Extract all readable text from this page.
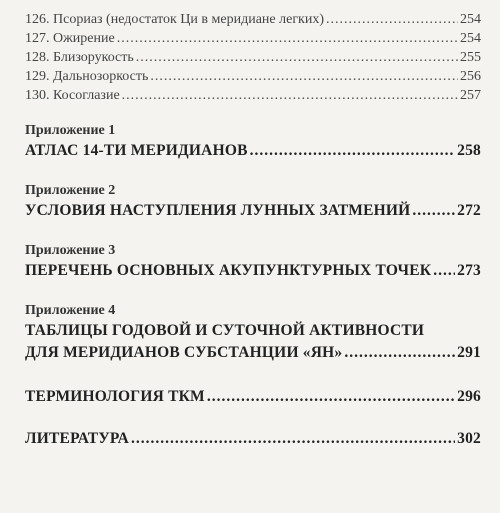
126. Псориаз (недостаток Ци в меридиане легких) .....	254
127. Ожирение .....	254
128. Близорукость .....	255
129. Дальнозоркость .....	256
130. Косоглазие .....	257
Приложение 1
АТЛАС 14-ТИ МЕРИДИАНОВ .....	258
Приложение 2
УСЛОВИЯ НАСТУПЛЕНИЯ ЛУННЫХ ЗАТМЕНИЙ .....	272
Приложение 3
ПЕРЕЧЕНЬ ОСНОВНЫХ АКУПУНКТУРНЫХ ТОЧЕК ..... 273
Приложение 4
ТАБЛИЦЫ ГОДОВОЙ И СУТОЧНОЙ АКТИВНОСТИ
ДЛЯ МЕРИДИАНОВ СУБСТАНЦИИ «ЯН» .....	291
ТЕРМИНОЛОГИЯ ТКМ .....	296
ЛИТЕРАТУРА .....	302
